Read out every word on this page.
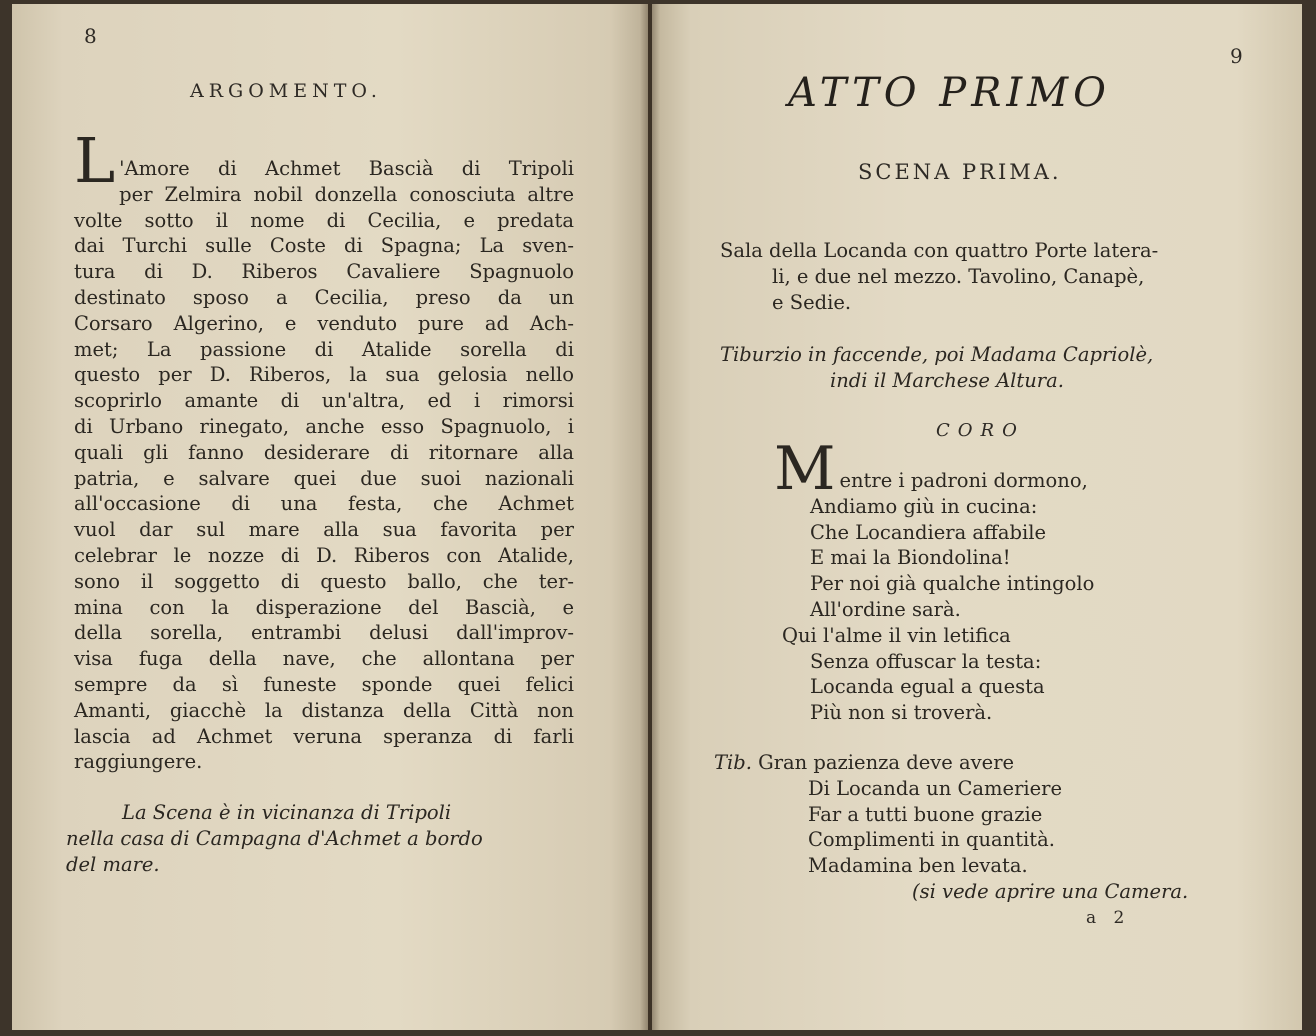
8
ARGOMENTO.
L 'Amore di Achmet Bascià di Tripoli
per Zelmira nobil donzella conosciuta altre
volte sotto il nome di Cecilia, e predata
dai Turchi sulle Coste di Spagna; La sven-
tura di D. Riberos Cavaliere Spagnuolo
destinato sposo a Cecilia, preso da un
Corsaro Algerino, e venduto pure ad Ach-
met; La passione di Atalide sorella di
questo per D. Riberos, la sua gelosia nello
scoprirlo amante di un'altra, ed i rimorsi
di Urbano rinegato, anche esso Spagnuolo, i
quali gli fanno desiderare di ritornare alla
patria, e salvare quei due suoi nazionali
all'occasione di una festa, che Achmet
vuol dar sul mare alla sua favorita per
celebrar le nozze di D. Riberos con Atalide,
sono il soggetto di questo ballo, che ter-
mina con la disperazione del Bascià, e
della sorella, entrambi delusi dall'improv-
visa fuga della nave, che allontana per
sempre da sì funeste sponde quei felici
Amanti, giacchè la distanza della Città non
lascia ad Achmet veruna speranza di farli
raggiungere.
La Scena è in vicinanza di Tripoli
nella casa di Campagna d'Achmet a bordo
del mare.
9
ATTO PRIMO
SCENA PRIMA.
Sala della Locanda con quattro Porte latera-
li, e due nel mezzo. Tavolino, Canapè,
e Sedie.
Tiburzio in faccende, poi Madama Capriolè,
indi il Marchese Altura.
CORO
M entre i padroni dormono,
Andiamo giù in cucina:
Che Locandiera affabile
E mai la Biondolina!
Per noi già qualche intingolo
All'ordine sarà.
Qui l'alme il vin letifica
Senza offuscar la testa:
Locanda egual a questa
Più non si troverà.
Tib. Gran pazienza deve avere
Di Locanda un Cameriere
Far a tutti buone grazie
Complimenti in quantità.
Madamina ben levata.
(si vede aprire una Camera.
a 2
